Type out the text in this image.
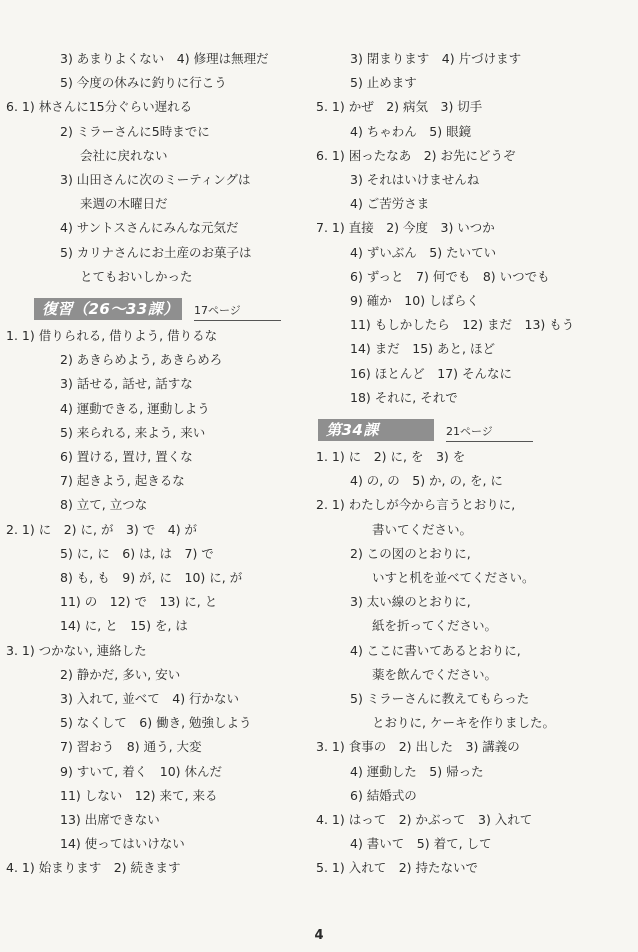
3) あまりよくない　4) 修理は無理だ
5) 今度の休みに釣りに行こう
6. 1) 林さんに15分ぐらい遅れる
2) ミラーさんに5時までに
会社に戻れない
3) 山田さんに次のミーティングは
来週の木曜日だ
4) サントスさんにみんな元気だ
5) カリナさんにお土産のお菓子は
とてもおいしかった
復習（26～33課） 17ページ
1. 1) 借りられる, 借りよう, 借りるな
2) あきらめよう, あきらめろ
3) 話せる, 話せ, 話すな
4) 運動できる, 運動しよう
5) 来られる, 来よう, 来い
6) 置ける, 置け, 置くな
7) 起きよう, 起きるな
8) 立て, 立つな
2. 1) に　2) に, が　3) で　4) が
5) に, に　6) は, は　7) で
8) も, も　9) が, に　10) に, が
11) の　12) で　13) に, と
14) に, と　15) を, は
3. 1) つかない, 連絡した
2) 静かだ, 多い, 安い
3) 入れて, 並べて　4) 行かない
5) なくして　6) 働き, 勉強しよう
7) 習おう　8) 通う, 大変
9) すいて, 着く　10) 休んだ
11) しない　12) 来て, 来る
13) 出席できない
14) 使ってはいけない
4. 1) 始まります　2) 続きます
3) 閉まります　4) 片づけます
5) 止めます
5. 1) かぜ　2) 病気　3) 切手
4) ちゃわん　5) 眼鏡
6. 1) 困ったなあ　2) お先にどうぞ
3) それはいけませんね
4) ご苦労さま
7. 1) 直接　2) 今度　3) いつか
4) ずいぶん　5) たいてい
6) ずっと　7) 何でも　8) いつでも
9) 確か　10) しばらく
11) もしかしたら　12) まだ　13) もう
14) まだ　15) あと, ほど
16) ほとんど　17) そんなに
18) それに, それで
第34課	21ページ
1. 1) に　2) に, を　3) を
4) の, の　5) か, の, を, に
2. 1) わたしが今から言うとおりに,
書いてください。
2) この図のとおりに,
いすと机を並べてください。
3) 太い線のとおりに,
紙を折ってください。
4) ここに書いてあるとおりに,
薬を飲んでください。
5) ミラーさんに教えてもらった
とおりに, ケーキを作りました。
3. 1) 食事の　2) 出した　3) 講義の
4) 運動した　5) 帰った
6) 結婚式の
4. 1) はって　2) かぶって　3) 入れて
4) 書いて　5) 着て, して
5. 1) 入れて　2) 持たないで
4
